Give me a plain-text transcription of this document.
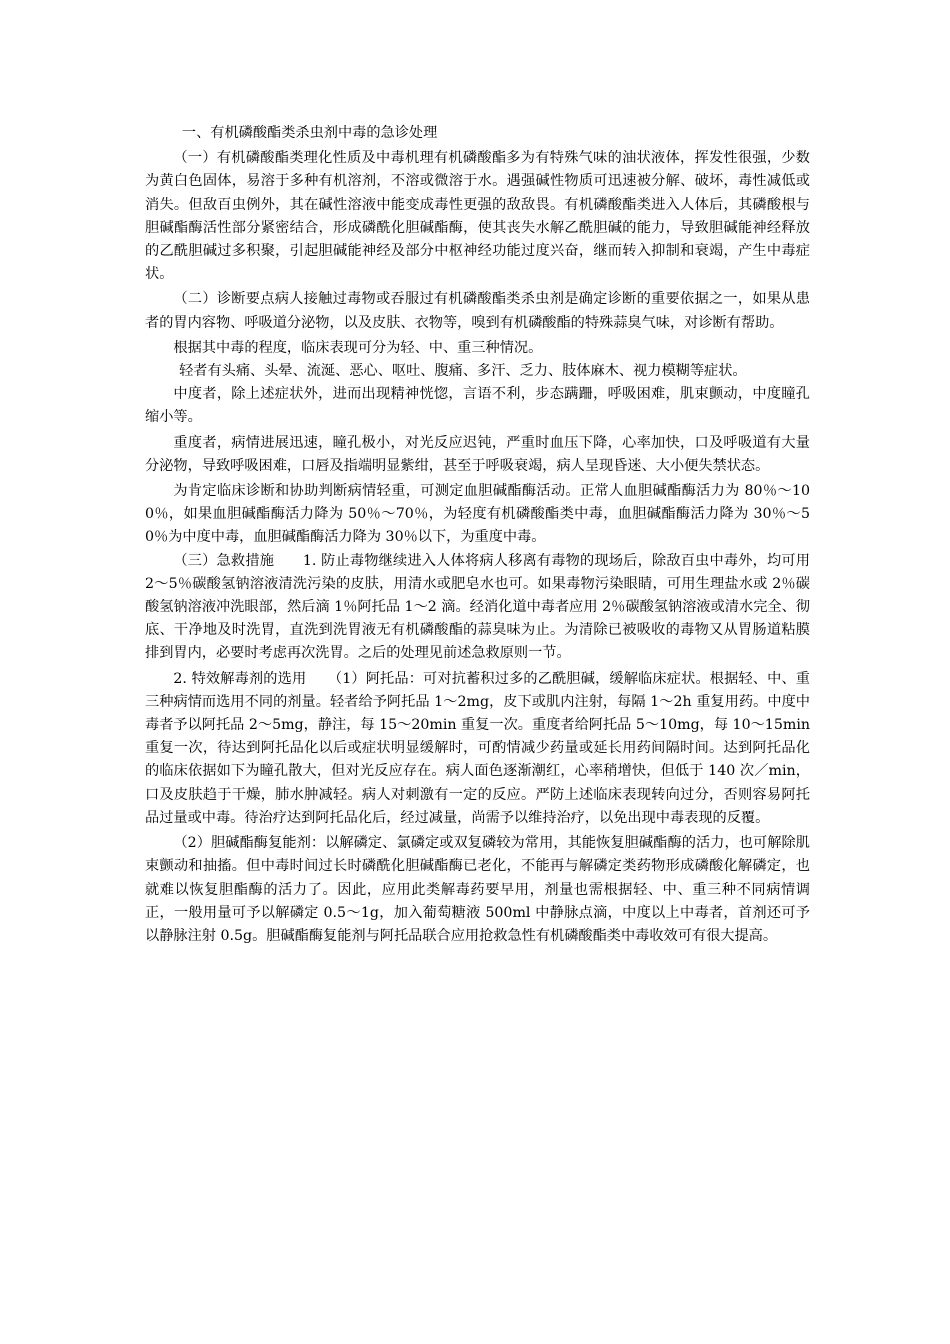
一、有机磷酸酯类杀虫剂中毒的急诊处理

（一）有机磷酸酯类理化性质及中毒机理有机磷酸酯多为有特殊气味的油状液体，挥发性很强，少数为黄白色固体，易溶于多种有机溶剂，不溶或微溶于水。遇强碱性物质可迅速被分解、破坏，毒性减低或消失。但敌百虫例外，其在碱性溶液中能变成毒性更强的敌敌畏。有机磷酸酯类进入人体后，其磷酸根与胆碱酯酶活性部分紧密结合，形成磷酰化胆碱酯酶，使其丧失水解乙酰胆碱的能力，导致胆碱能神经释放的乙酰胆碱过多积聚，引起胆碱能神经及部分中枢神经功能过度兴奋，继而转入抑制和衰竭，产生中毒症状。

（二）诊断要点病人接触过毒物或吞服过有机磷酸酯类杀虫剂是确定诊断的重要依据之一，如果从患者的胃内容物、呼吸道分泌物，以及皮肤、衣物等，嗅到有机磷酸酯的特殊蒜臭气味，对诊断有帮助。

根据其中毒的程度，临床表现可分为轻、中、重三种情况。

轻者有头痛、头晕、流涎、恶心、呕吐、腹痛、多汗、乏力、肢体麻木、视力模糊等症状。

中度者，除上述症状外，进而出现精神恍惚，言语不利，步态蹒跚，呼吸困难，肌束颤动，中度瞳孔缩小等。

重度者，病情进展迅速，瞳孔极小，对光反应迟钝，严重时血压下降，心率加快，口及呼吸道有大量分泌物，导致呼吸困难，口唇及指端明显紫绀，甚至于呼吸衰竭，病人呈现昏迷、大小便失禁状态。

为肯定临床诊断和协助判断病情轻重，可测定血胆碱酯酶活动。正常人血胆碱酯酶活力为 80％～100％，如果血胆碱酯酶活力降为 50％～70％，为轻度有机磷酸酯类中毒，血胆碱酯酶活力降为 30％～50％为中度中毒，血胆碱酯酶活力降为 30％以下，为重度中毒。

（三）急救措施　　1. 防止毒物继续进入人体将病人移离有毒物的现场后，除敌百虫中毒外，均可用 2～5％碳酸氢钠溶液清洗污染的皮肤，用清水或肥皂水也可。如果毒物污染眼睛，可用生理盐水或 2％碳酸氢钠溶液冲洗眼部，然后滴 1％阿托品 1～2 滴。经消化道中毒者应用 2％碳酸氢钠溶液或清水完全、彻底、干净地及时洗胃，直洗到洗胃液无有机磷酸酯的蒜臭味为止。为清除已被吸收的毒物又从胃肠道粘膜排到胃内，必要时考虑再次洗胃。之后的处理见前述急救原则一节。

2. 特效解毒剂的选用　　（1）阿托品：可对抗蓄积过多的乙酰胆碱，缓解临床症状。根据轻、中、重三种病情而选用不同的剂量。轻者给予阿托品 1～2mg，皮下或肌内注射，每隔 1～2h 重复用药。中度中毒者予以阿托品 2～5mg，静注，每 15～20min 重复一次。重度者给阿托品 5～10mg，每 10～15min 重复一次，待达到阿托品化以后或症状明显缓解时，可酌情减少药量或延长用药间隔时间。达到阿托品化的临床依据如下为瞳孔散大，但对光反应存在。病人面色逐渐潮红，心率稍增快，但低于 140 次／min，口及皮肤趋于干燥，肺水肿减轻。病人对刺激有一定的反应。严防上述临床表现转向过分，否则容易阿托品过量或中毒。待治疗达到阿托品化后，经过减量，尚需予以维持治疗，以免出现中毒表现的反覆。

（2）胆碱酯酶复能剂：以解磷定、氯磷定或双复磷较为常用，其能恢复胆碱酯酶的活力，也可解除肌束颤动和抽搐。但中毒时间过长时磷酰化胆碱酯酶已老化，不能再与解磷定类药物形成磷酸化解磷定，也就难以恢复胆酯酶的活力了。因此，应用此类解毒药要早用，剂量也需根据轻、中、重三种不同病情调正，一般用量可予以解磷定 0.5～1g，加入葡萄糖液 500ml 中静脉点滴，中度以上中毒者，首剂还可予以静脉注射 0.5g。胆碱酯酶复能剂与阿托品联合应用抢救急性有机磷酸酯类中毒收效可有很大提高。
